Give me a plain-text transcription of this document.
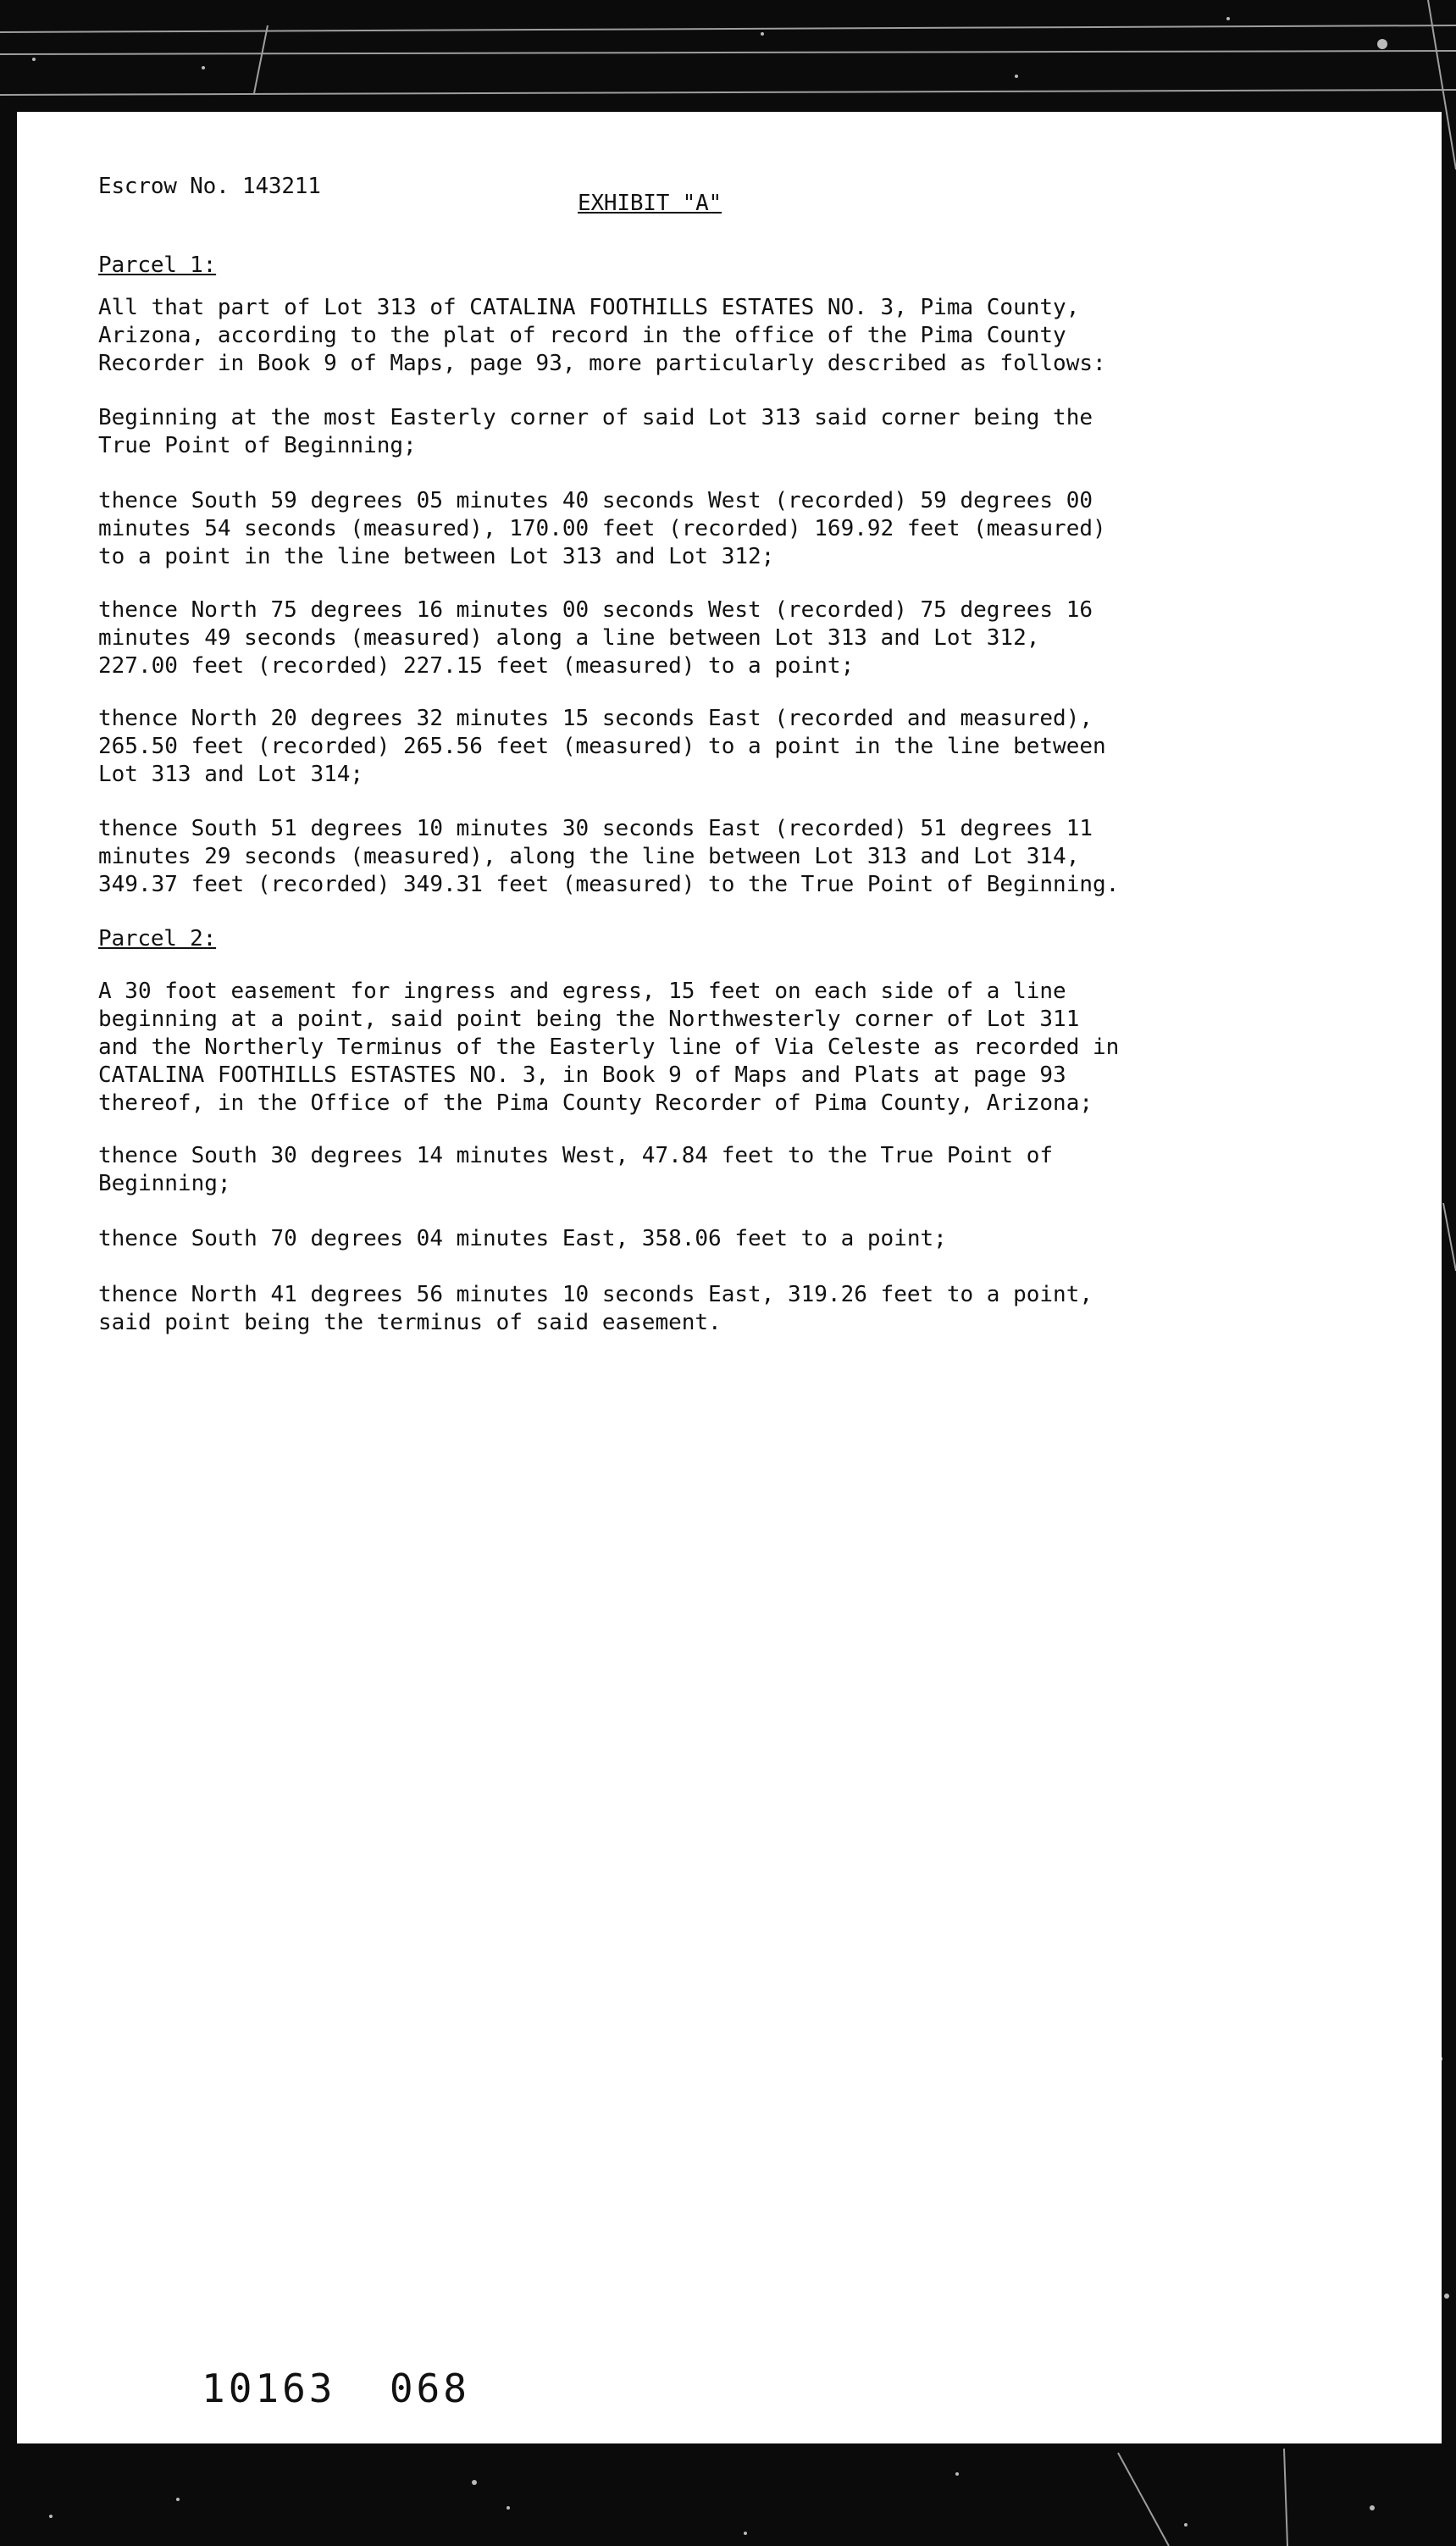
Escrow No. 143211
EXHIBIT "A"
Parcel 1:

All that part of Lot 313 of CATALINA FOOTHILLS ESTATES NO. 3, Pima County,

Arizona, according to the plat of record in the office of the Pima County

Recorder in Book 9 of Maps, page 93, more particularly described as follows:

Beginning at the most Easterly corner of said Lot 313 said corner being the

True Point of Beginning;

thence South 59 degrees 05 minutes 40 seconds West (recorded) 59 degrees 00

minutes 54 seconds (measured), 170.00 feet (recorded) 169.92 feet (measured)

to a point in the line between Lot 313 and Lot 312;

thence North 75 degrees 16 minutes 00 seconds West (recorded) 75 degrees 16

minutes 49 seconds (measured) along a line between Lot 313 and Lot 312,

227.00 feet (recorded) 227.15 feet (measured) to a point;

thence North 20 degrees 32 minutes 15 seconds East (recorded and measured),

265.50 feet (recorded) 265.56 feet (measured) to a point in the line between

Lot 313 and Lot 314;

thence South 51 degrees 10 minutes 30 seconds East (recorded) 51 degrees 11

minutes 29 seconds (measured), along the line between Lot 313 and Lot 314,

349.37 feet (recorded) 349.31 feet (measured) to the True Point of Beginning.

Parcel 2:

A 30 foot easement for ingress and egress, 15 feet on each side of a line

beginning at a point, said point being the Northwesterly corner of Lot 311

and the Northerly Terminus of the Easterly line of Via Celeste as recorded in

CATALINA FOOTHILLS ESTASTES NO. 3, in Book 9 of Maps and Plats at page 93

thereof, in the Office of the Pima County Recorder of Pima County, Arizona;

thence South 30 degrees 14 minutes West, 47.84 feet to the True Point of

Beginning;

thence South 70 degrees 04 minutes East, 358.06 feet to a point;

thence North 41 degrees 56 minutes 10 seconds East, 319.26 feet to a point,

said point being the terminus of said easement.

10163  068
